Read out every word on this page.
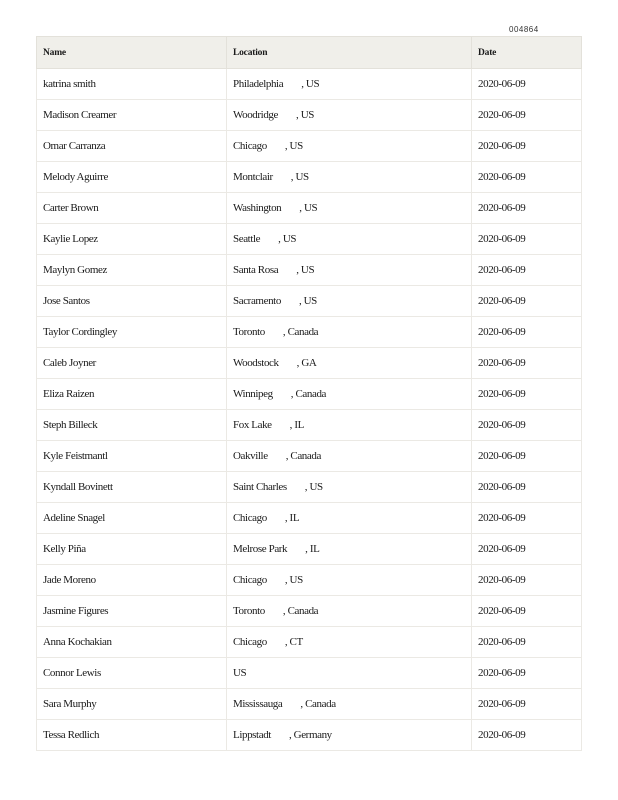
004864
Name	Location	Date
katrina smith	Philadelphia , US	2020-06-09
Madison Creamer	Woodridge , US	2020-06-09
Omar Carranza	Chicago , US	2020-06-09
Melody Aguirre	Montclair , US	2020-06-09
Carter Brown	Washington , US	2020-06-09
Kaylie Lopez	Seattle , US	2020-06-09
Maylyn Gomez	Santa Rosa , US	2020-06-09
Jose Santos	Sacramento , US	2020-06-09
Taylor Cordingley	Toronto , Canada	2020-06-09
Caleb Joyner	Woodstock , GA	2020-06-09
Eliza Raizen	Winnipeg , Canada	2020-06-09
Steph Billeck	Fox Lake , IL	2020-06-09
Kyle Feistmantl	Oakville , Canada	2020-06-09
Kyndall Bovinett	Saint Charles , US	2020-06-09
Adeline Snagel	Chicago , IL	2020-06-09
Kelly Piña	Melrose Park , IL	2020-06-09
Jade Moreno	Chicago , US	2020-06-09
Jasmine Figures	Toronto , Canada	2020-06-09
Anna Kochakian	Chicago , CT	2020-06-09
Connor Lewis	US	2020-06-09
Sara Murphy	Mississauga , Canada	2020-06-09
Tessa Redlich	Lippstadt , Germany	2020-06-09
